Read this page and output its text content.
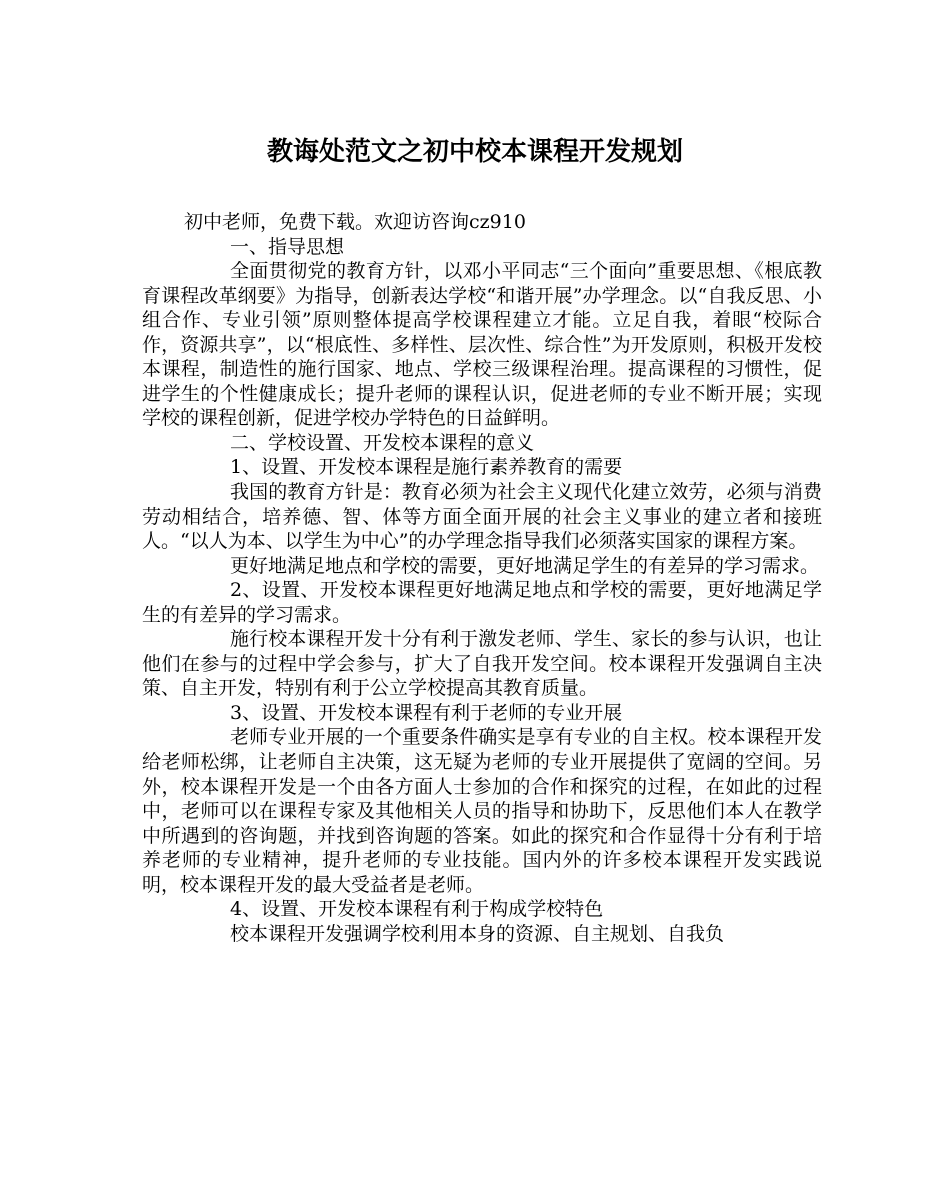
教诲处范文之初中校本课程开发规划

初中老师，免费下载。欢迎访咨询cz910

一、指导思想

全面贯彻党的教育方针，以邓小平同志“三个面向”重要思想、《根底教育课程改革纲要》为指导，创新表达学校“和谐开展”办学理念。以“自我反思、小组合作、专业引领”原则整体提高学校课程建立才能。立足自我，着眼“校际合作，资源共享”，以“根底性、多样性、层次性、综合性”为开发原则，积极开发校本课程，制造性的施行国家、地点、学校三级课程治理。提高课程的习惯性，促进学生的个性健康成长；提升老师的课程认识，促进老师的专业不断开展；实现学校的课程创新，促进学校办学特色的日益鲜明。

二、学校设置、开发校本课程的意义

1、设置、开发校本课程是施行素养教育的需要

我国的教育方针是：教育必须为社会主义现代化建立效劳，必须与消费劳动相结合，培养德、智、体等方面全面开展的社会主义事业的建立者和接班人。“以人为本、以学生为中心”的办学理念指导我们必须落实国家的课程方案。

更好地满足地点和学校的需要，更好地满足学生的有差异的学习需求。

2、设置、开发校本课程更好地满足地点和学校的需要，更好地满足学生的有差异的学习需求。

施行校本课程开发十分有利于激发老师、学生、家长的参与认识，也让他们在参与的过程中学会参与，扩大了自我开发空间。校本课程开发强调自主决策、自主开发，特别有利于公立学校提高其教育质量。

3、设置、开发校本课程有利于老师的专业开展

老师专业开展的一个重要条件确实是享有专业的自主权。校本课程开发给老师松绑，让老师自主决策，这无疑为老师的专业开展提供了宽阔的空间。另外，校本课程开发是一个由各方面人士参加的合作和探究的过程，在如此的过程中，老师可以在课程专家及其他相关人员的指导和协助下，反思他们本人在教学中所遇到的咨询题，并找到咨询题的答案。如此的探究和合作显得十分有利于培养老师的专业精神，提升老师的专业技能。国内外的许多校本课程开发实践说明，校本课程开发的最大受益者是老师。

4、设置、开发校本课程有利于构成学校特色

校本课程开发强调学校利用本身的资源、自主规划、自我负
